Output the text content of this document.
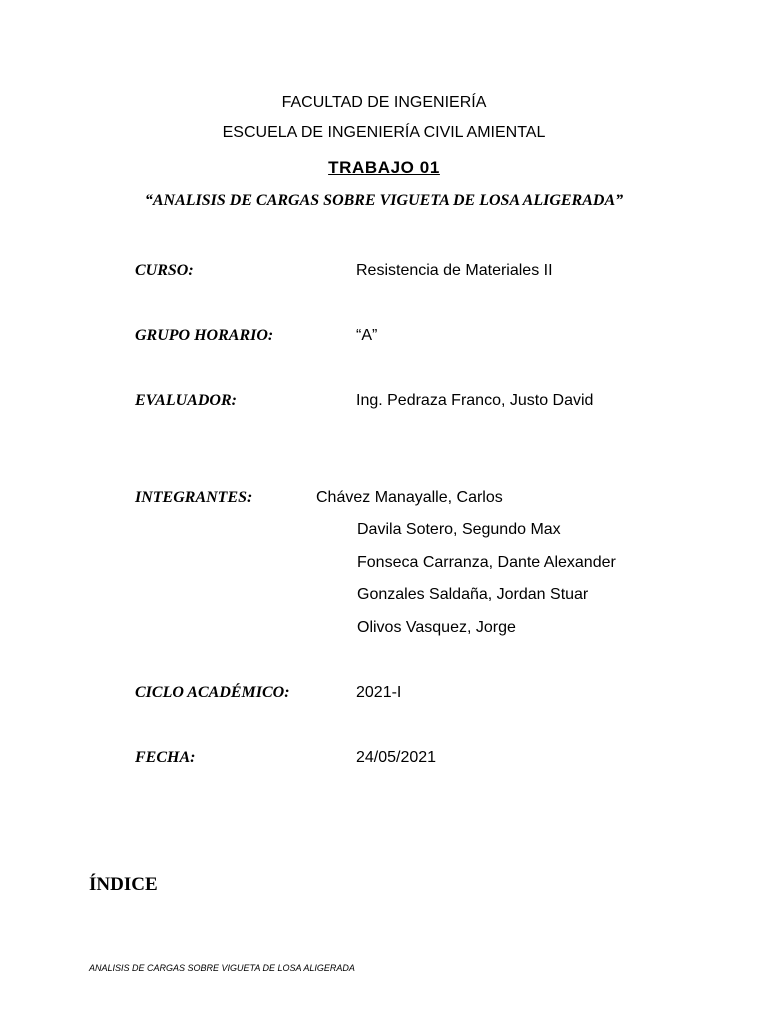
FACULTAD DE INGENIERÍA
ESCUELA DE INGENIERÍA CIVIL AMIENTAL
TRABAJO 01
“ANALISIS DE CARGAS SOBRE VIGUETA DE LOSA ALIGERADA”
CURSO:	Resistencia de Materiales II
GRUPO HORARIO:	“A”
EVALUADOR:	Ing. Pedraza Franco, Justo David
INTEGRANTES:	Chávez Manayalle, Carlos
Davila Sotero, Segundo Max
Fonseca Carranza, Dante Alexander
Gonzales Saldaña, Jordan Stuar
Olivos Vasquez, Jorge
CICLO ACADÉMICO:	2021-I
FECHA:	24/05/2021
ÍNDICE
ANALISIS DE CARGAS SOBRE VIGUETA DE LOSA ALIGERADA
